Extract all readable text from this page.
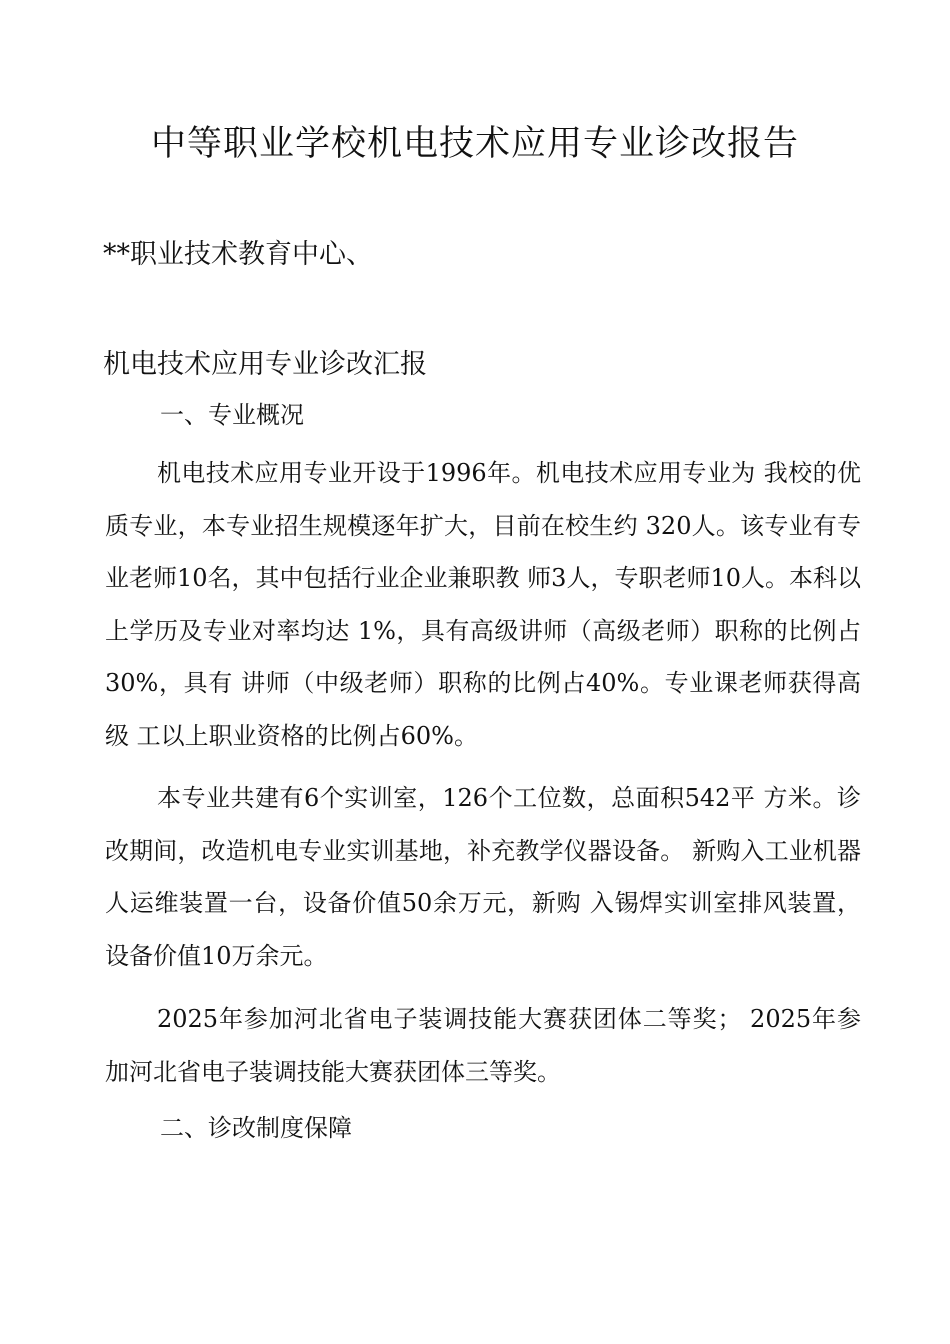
中等职业学校机电技术应用专业诊改报告
**职业技术教育中心、
机电技术应用专业诊改汇报
一、专业概况

机电技术应用专业开设于1996年。机电技术应用专业为 我校的优质专业，本专业招生规模逐年扩大，目前在校生约 320人。该专业有专业老师10名，其中包括行业企业兼职教 师3人，专职老师10人。本科以上学历及专业对率均达 1%，具有高级讲师（高级老师）职称的比例占30%，具有 讲师（中级老师）职称的比例占40%。专业课老师获得高级 工以上职业资格的比例占60%。

本专业共建有6个实训室，126个工位数，总面积542平 方米。诊改期间，改造机电专业实训基地，补充教学仪器设备。 新购入工业机器人运维装置一台，设备价值50余万元，新购 入锡焊实训室排风装置，设备价值10万余元。

2025年参加河北省电子装调技能大赛获团体二等奖； 2025年参加河北省电子装调技能大赛获团体三等奖。

二、诊改制度保障
